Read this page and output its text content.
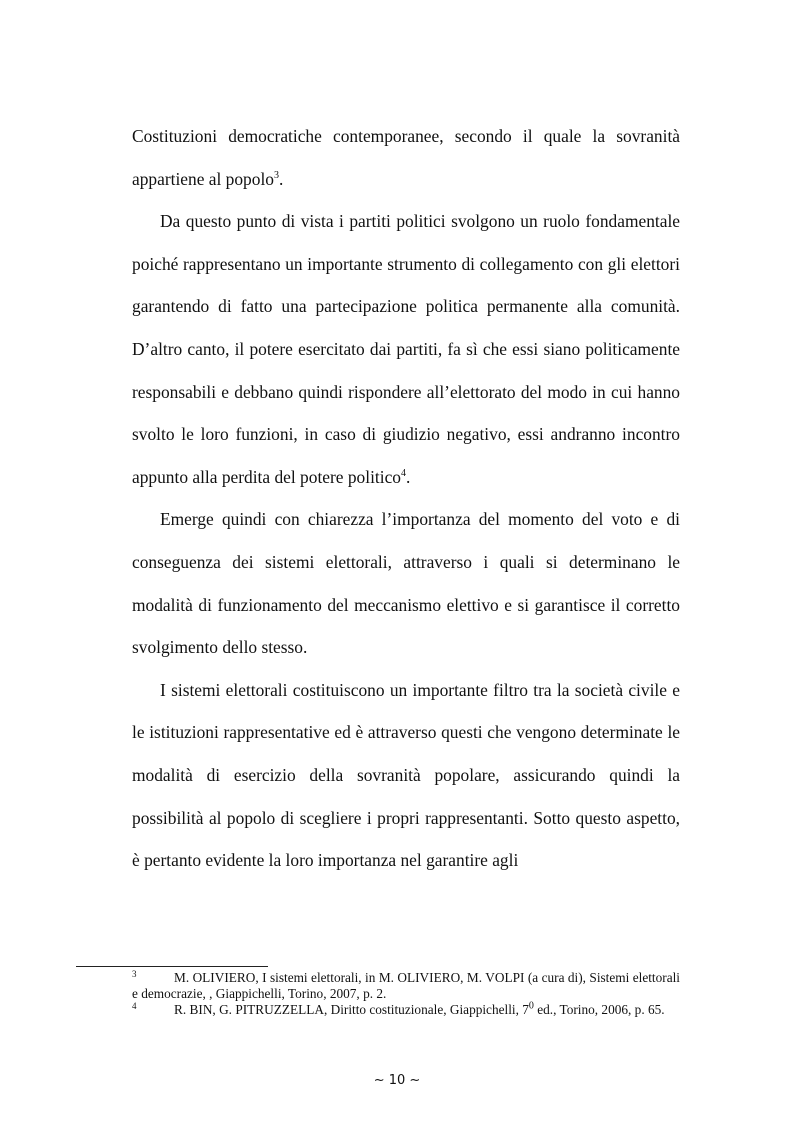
Costituzioni democratiche contemporanee, secondo il quale la sovranità appartiene al popolo$^3$.

Da questo punto di vista i partiti politici svolgono un ruolo fondamentale poiché rappresentano un importante strumento di collegamento con gli elettori garantendo di fatto una partecipazione politica permanente alla comunità. D’altro canto, il potere esercitato dai partiti, fa sì che essi siano politicamente responsabili e debbano quindi rispondere all’elettorato del modo in cui hanno svolto le loro funzioni, in caso di giudizio negativo, essi andranno incontro appunto alla perdita del potere politico$^4$.

Emerge quindi con chiarezza l’importanza del momento del voto e di conseguenza dei sistemi elettorali, attraverso i quali si determinano le modalità di funzionamento del meccanismo elettivo e si garantisce il corretto svolgimento dello stesso.

I sistemi elettorali costituiscono un importante filtro tra la società civile e le istituzioni rappresentative ed è attraverso questi che vengono determinate le modalità di esercizio della sovranità popolare, assicurando quindi la possibilità al popolo di scegliere i propri rappresentanti. Sotto questo aspetto, è pertanto evidente la loro importanza nel garantire agli

3	M. OLIVIERO, I sistemi elettorali, in M. OLIVIERO, M. VOLPI (a cura di), Sistemi elettorali e democrazie, , Giappichelli, Torino, 2007, p. 2.

4	R. BIN, G. PITRUZZELLA, Diritto costituzionale, Giappichelli, $7^0$ ed., Torino, 2006, p. 65.

~ 10 ~
